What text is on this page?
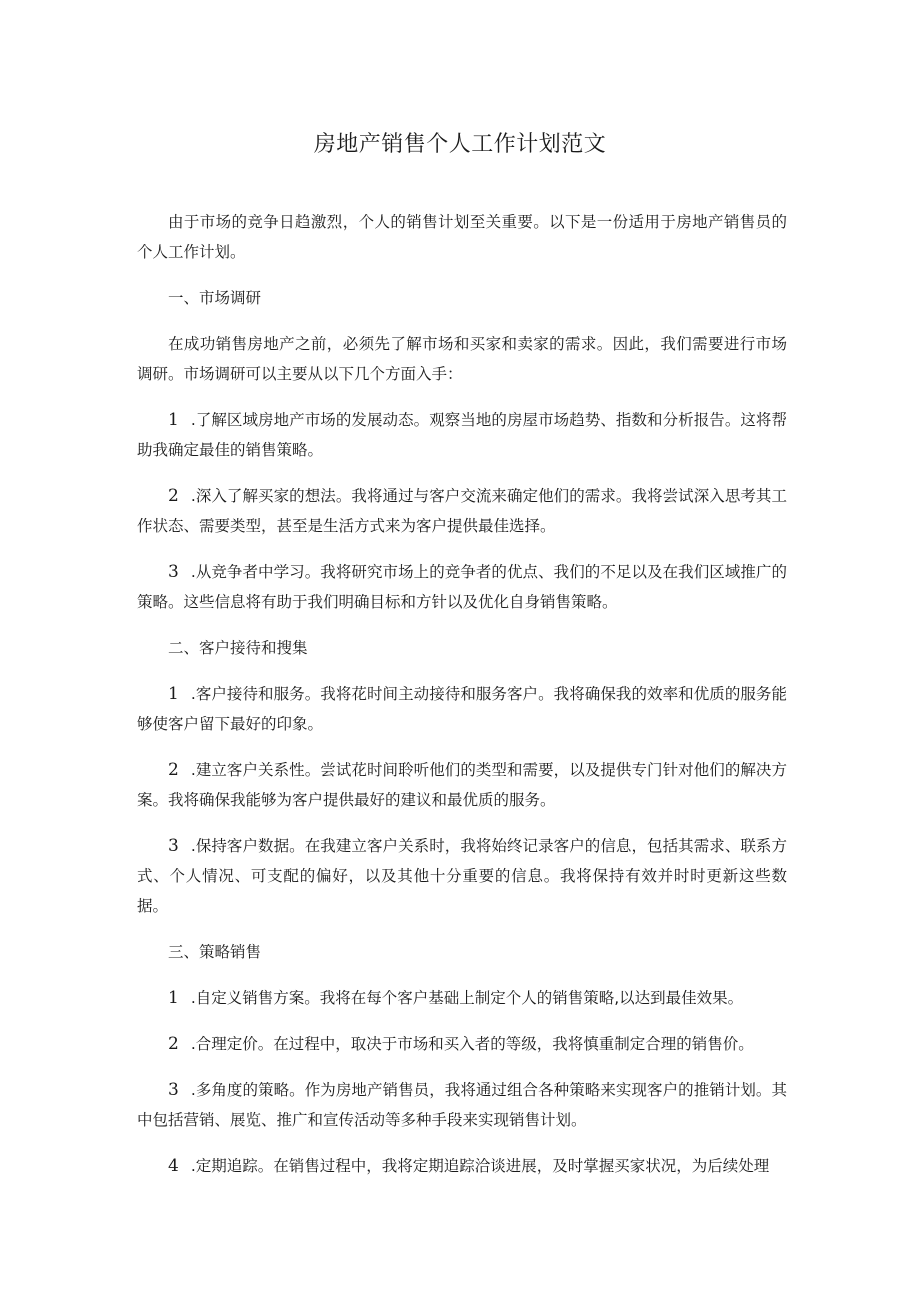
房地产销售个人工作计划范文

由于市场的竞争日趋激烈，个人的销售计划至关重要。以下是一份适用于房地产销售员的个人工作计划。

一、市场调研

在成功销售房地产之前，必须先了解市场和买家和卖家的需求。因此，我们需要进行市场调研。市场调研可以主要从以下几个方面入手：

1 .了解区域房地产市场的发展动态。观察当地的房屋市场趋势、指数和分析报告。这将帮助我确定最佳的销售策略。

2 .深入了解买家的想法。我将通过与客户交流来确定他们的需求。我将尝试深入思考其工作状态、需要类型，甚至是生活方式来为客户提供最佳选择。

3 .从竞争者中学习。我将研究市场上的竞争者的优点、我们的不足以及在我们区域推广的策略。这些信息将有助于我们明确目标和方针以及优化自身销售策略。

二、客户接待和搜集

1 .客户接待和服务。我将花时间主动接待和服务客户。我将确保我的效率和优质的服务能够使客户留下最好的印象。

2 .建立客户关系性。尝试花时间聆听他们的类型和需要，以及提供专门针对他们的解决方案。我将确保我能够为客户提供最好的建议和最优质的服务。

3 .保持客户数据。在我建立客户关系时，我将始终记录客户的信息，包括其需求、联系方式、个人情况、可支配的偏好，以及其他十分重要的信息。我将保持有效并时时更新这些数据。

三、策略销售

1 .自定义销售方案。我将在每个客户基础上制定个人的销售策略,以达到最佳效果。

2 .合理定价。在过程中，取决于市场和买入者的等级，我将慎重制定合理的销售价。

3 .多角度的策略。作为房地产销售员，我将通过组合各种策略来实现客户的推销计划。其中包括营销、展览、推广和宣传活动等多种手段来实现销售计划。

4 .定期追踪。在销售过程中，我将定期追踪洽谈进展，及时掌握买家状况，为后续处理
